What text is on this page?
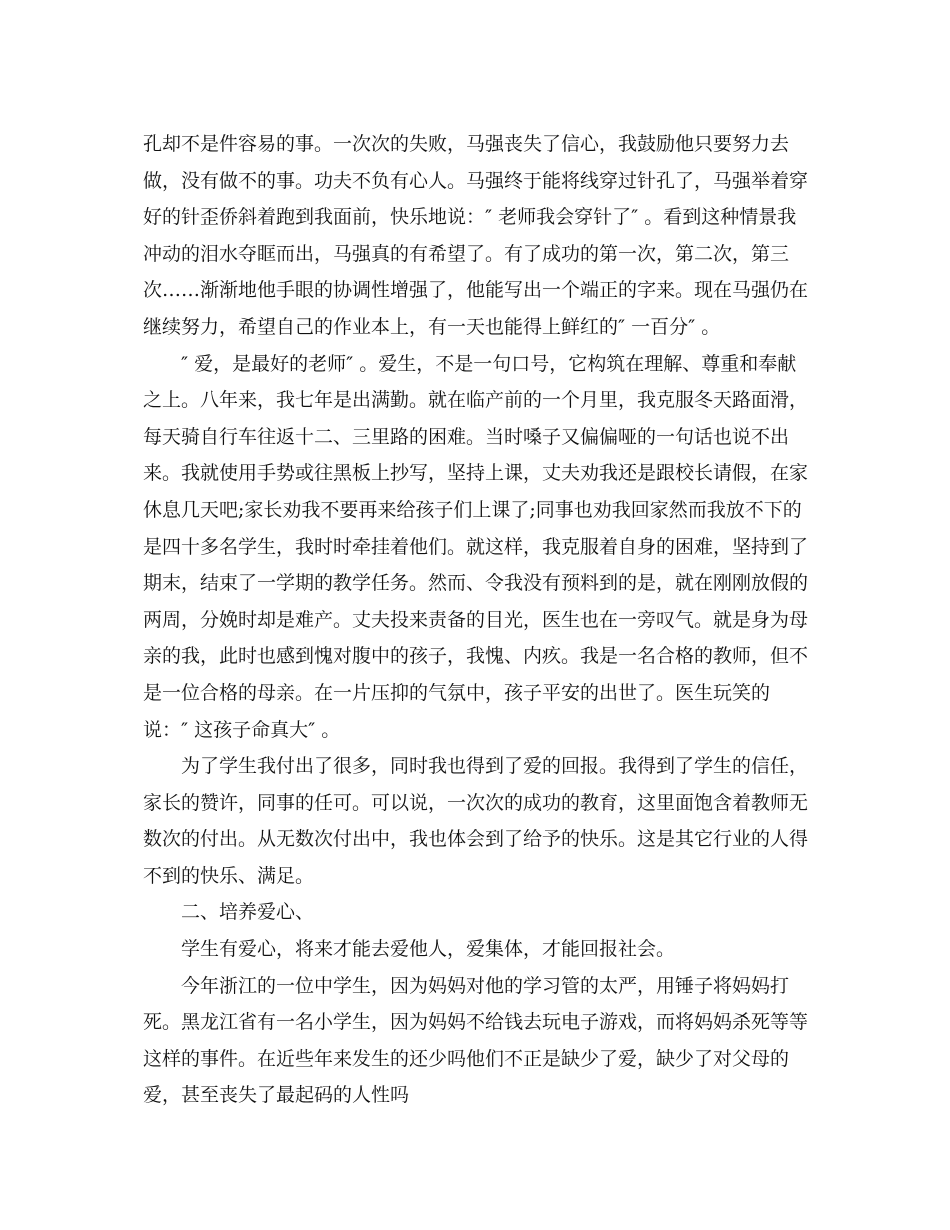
孔却不是件容易的事。一次次的失败，马强丧失了信心，我鼓励他只要努力去
做，没有做不的事。功夫不负有心人。马强终于能将线穿过针孔了，马强举着穿
好的针歪侨斜着跑到我面前，快乐地说：″ 老师我会穿针了″ 。看到这种情景我
冲动的泪水夺眶而出，马强真的有希望了。有了成功的第一次，第二次，第三
次……渐渐地他手眼的协调性增强了，他能写出一个端正的字来。现在马强仍在
继续努力，希望自己的作业本上，有一天也能得上鲜红的″ 一百分″ 。
″ 爱，是最好的老师″ 。爱生，不是一句口号，它构筑在理解、尊重和奉献
之上。八年来，我七年是出满勤。就在临产前的一个月里，我克服冬天路面滑，
每天骑自行车往返十二、三里路的困难。当时嗓子又偏偏哑的一句话也说不出
来。我就使用手势或往黑板上抄写，坚持上课，丈夫劝我还是跟校长请假，在家
休息几天吧;家长劝我不要再来给孩子们上课了;同事也劝我回家然而我放不下的
是四十多名学生，我时时牵挂着他们。就这样，我克服着自身的困难，坚持到了
期末，结束了一学期的教学任务。然而、令我没有预料到的是，就在刚刚放假的
两周，分娩时却是难产。丈夫投来责备的目光，医生也在一旁叹气。就是身为母
亲的我，此时也感到愧对腹中的孩子，我愧、内疚。我是一名合格的教师，但不
是一位合格的母亲。在一片压抑的气氛中，孩子平安的出世了。医生玩笑的
说：″ 这孩子命真大″ 。
为了学生我付出了很多，同时我也得到了爱的回报。我得到了学生的信任，
家长的赞许，同事的任可。可以说，一次次的成功的教育，这里面饱含着教师无
数次的付出。从无数次付出中，我也体会到了给予的快乐。这是其它行业的人得
不到的快乐、满足。
二、培养爱心、
学生有爱心，将来才能去爱他人，爱集体，才能回报社会。
今年浙江的一位中学生，因为妈妈对他的学习管的太严，用锤子将妈妈打
死。黑龙江省有一名小学生，因为妈妈不给钱去玩电子游戏，而将妈妈杀死等等
这样的事件。在近些年来发生的还少吗他们不正是缺少了爱，缺少了对父母的
爱，甚至丧失了最起码的人性吗
